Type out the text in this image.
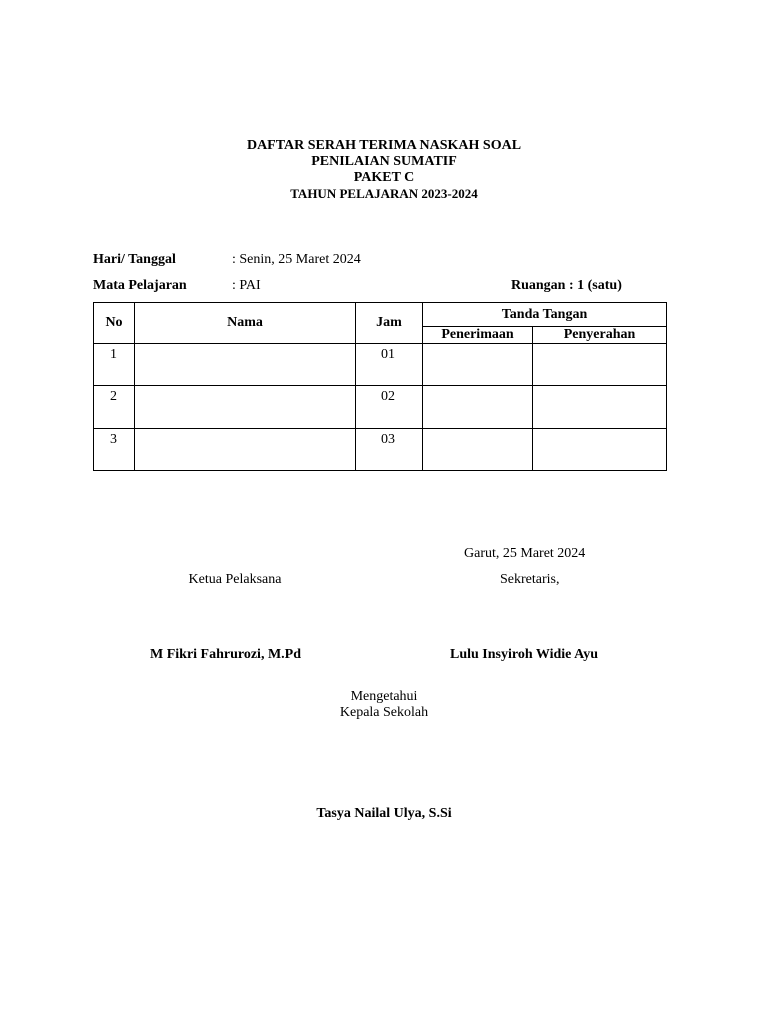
DAFTAR SERAH TERIMA NASKAH SOAL
PENILAIAN SUMATIF
PAKET C
TAHUN PELAJARAN 2023-2024
Hari/ Tanggal	: Senin, 25 Maret 2024
Mata Pelajaran	: PAI	Ruangan : 1 (satu)
No	Nama	Jam	Tanda Tangan	
			Penerimaan	Penyerahan
1		01		
2		02		
3		03		
Garut, 25 Maret 2024
Ketua Pelaksana	Sekretaris,
M Fikri Fahrurozi, M.Pd	Lulu Insyiroh Widie Ayu
Mengetahui
Kepala Sekolah
Tasya Nailal Ulya, S.Si
